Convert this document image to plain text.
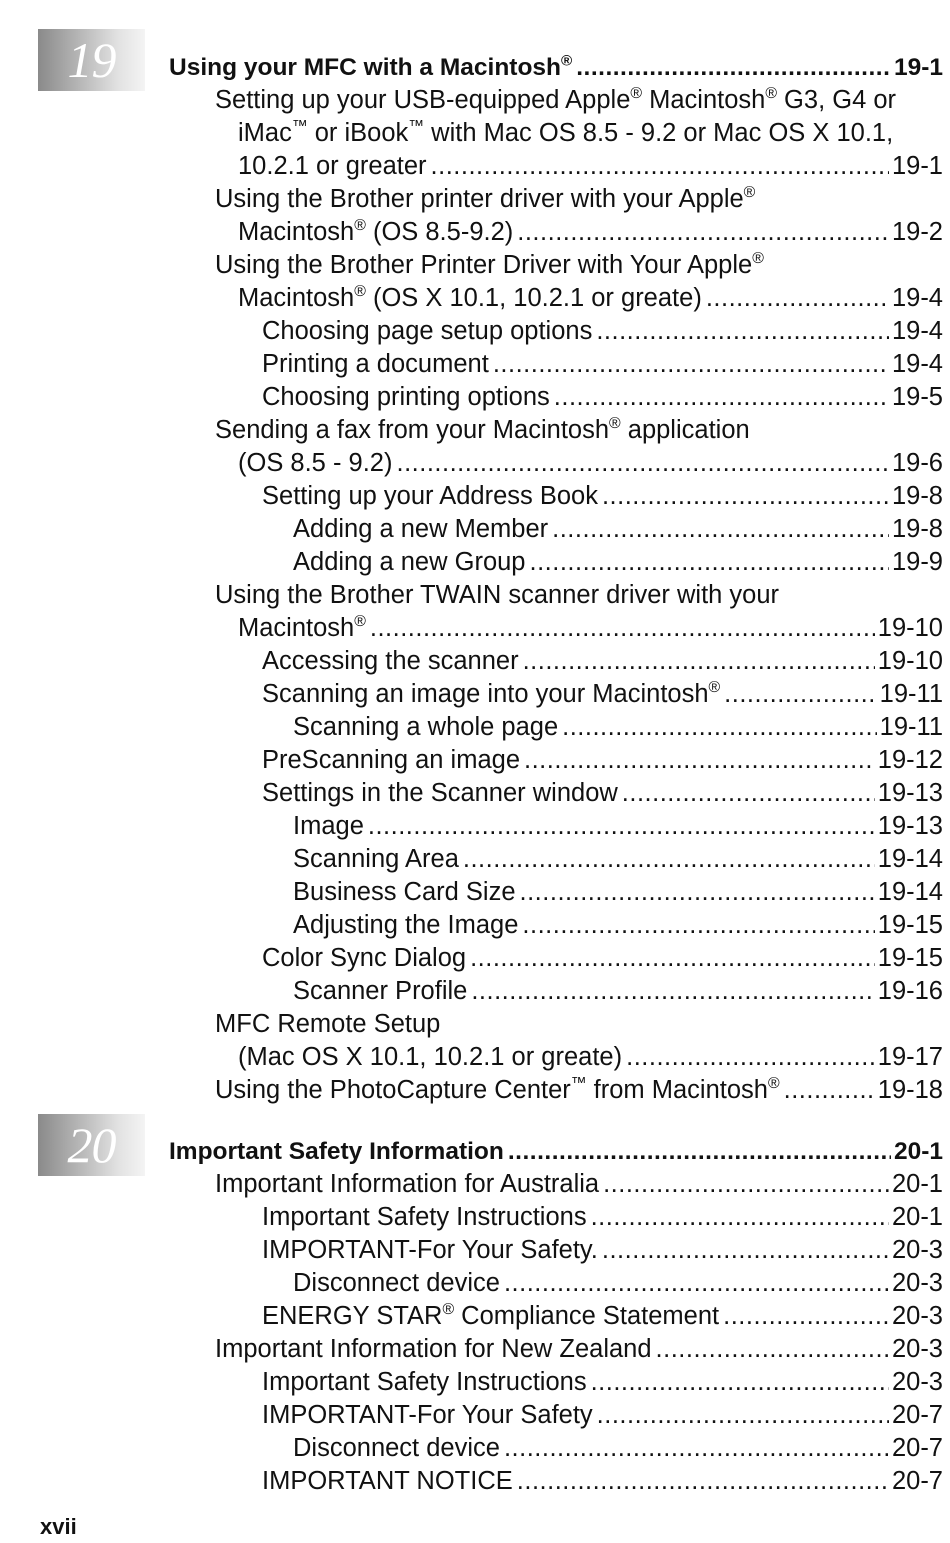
19 Using your MFC with a Macintosh® .....	19-1
Setting up your USB-equipped Apple® Macintosh® G3, G4 or
iMac™ or iBook™ with Mac OS 8.5 - 9.2 or Mac OS X 10.1,
10.2.1 or greater .....	19-1
Using the Brother printer driver with your Apple®
Macintosh® (OS 8.5-9.2) .....	19-2
Using the Brother Printer Driver with Your Apple®
Macintosh® (OS X 10.1, 10.2.1 or greate) .....	19-4
Choosing page setup options .....	19-4
Printing a document .....	19-4
Choosing printing options .....	19-5
Sending a fax from your Macintosh® application
(OS 8.5 - 9.2) .....	19-6
Setting up your Address Book .....	19-8
Adding a new Member .....	19-8
Adding a new Group .....	19-9
Using the Brother TWAIN scanner driver with your
Macintosh® .....	19-10
Accessing the scanner .....	19-10
Scanning an image into your Macintosh® .....	19-11
Scanning a whole page .....	19-11
PreScanning an image .....	19-12
Settings in the Scanner window .....	19-13
Image .....	19-13
Scanning Area .....	19-14
Business Card Size .....	19-14
Adjusting the Image .....	19-15
Color Sync Dialog .....	19-15
Scanner Profile .....	19-16
MFC Remote Setup
(Mac OS X 10.1, 10.2.1 or greate) .....	19-17
Using the PhotoCapture Center™ from Macintosh® .....	19-18
20 Important Safety Information .....	20-1
Important Information for Australia .....	20-1
Important Safety Instructions .....	20-1
IMPORTANT-For Your Safety. .....	20-3
Disconnect device .....	20-3
ENERGY STAR® Compliance Statement .....	20-3
Important Information for New Zealand .....	20-3
Important Safety Instructions .....	20-3
IMPORTANT-For Your Safety .....	20-7
Disconnect device .....	20-7
IMPORTANT NOTICE .....	20-7
xvii
